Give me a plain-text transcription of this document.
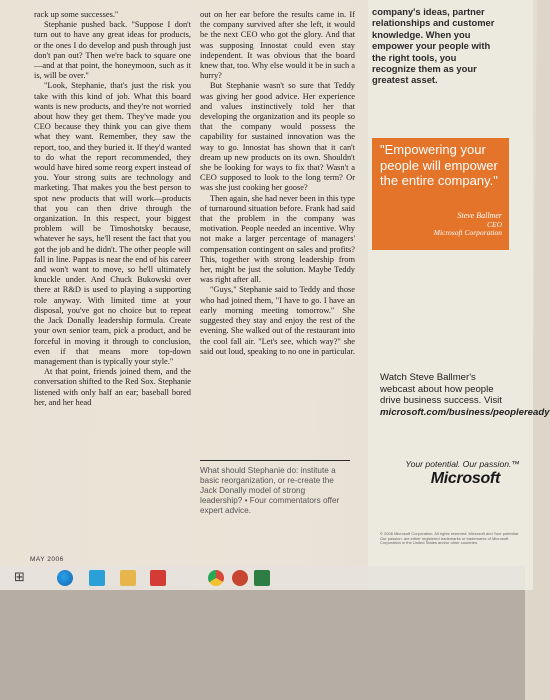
rack up some successes."

Stephanie pushed back. "Suppose I don't turn out to have any great ideas for products, or the ones I do develop and push through just don't pan out? Then we're back to square one—and at that point, the honeymoon, such as it is, will be over."

"Look, Stephanie, that's just the risk you take with this kind of job. What this board wants is new products, and they're not worried about how they get them. They've made you CEO because they think you can give them what they want. Remember, they saw the report, too, and they buried it. If they'd wanted to do what the report recommended, they would have hired some reorg expert instead of you. Your strong suits are technology and marketing. That makes you the best person to spot new products that will work—products that you can then drive through the organization. In this respect, your biggest problem will be Timoshotsky because, whatever he says, he'll resent the fact that you got the job and he didn't. The other people will fall in line. Pappas is near the end of his career and won't want to move, so he'll ultimately knuckle under. And Chuck Bukowski over there at R&D is used to playing a supporting role anyway. With limited time at your disposal, you've got no choice but to repeat the Jack Donally leadership formula. Create your own senior team, pick a product, and be forceful in moving it through to conclusion, even if that means more top-down management than is typically your style."

At that point, friends joined them, and the conversation shifted to the Red Sox. Stephanie listened with only half an ear; baseball bored her, and her head

out on her ear before the results came in. If the company survived after she left, it would be the next CEO who got the glory. And that was supposing Innostat could even stay independent. It was obvious that the board knew that, too. Why else would it be in such a hurry?

But Stephanie wasn't so sure that Teddy was giving her good advice. Her experience and values instinctively told her that developing the organization and its people so that the company would possess the capability for sustained innovation was the way to go. Innostat has shown that it can't dream up new products on its own. Shouldn't she be looking for ways to fix that? Wasn't a CEO supposed to look to the long term? Or was she just cooking her goose?

Then again, she had never been in this type of turnaround situation before. Frank had said that the problem in the company was motivation. People needed an incentive. Why not make a larger percentage of managers' compensation contingent on sales and profits? This, together with strong leadership from her, might be just the solution. Maybe Teddy was right after all.

"Guys," Stephanie said to Teddy and those who had joined them, "I have to go. I have an early morning meeting tomorrow." She suggested they stay and enjoy the rest of the evening. She walked out of the restaurant into the cool fall air. "Let's see, which way?" she said out loud, speaking to no one in particular.

What should Stephanie do: institute a basic reorganization, or re-create the Jack Donally model of strong leadership? • Four commentators offer expert advice.
MAY 2006

company's ideas, partner relationships and customer knowledge. When you empower your people with the right tools, you recognize them as your greatest asset.

"Empowering your people will empower the entire company."

Steve Ballmer
CEO
Microsoft Corporation

Watch Steve Ballmer's webcast about how people drive business success. Visit
microsoft.com/business/peopleready

Your potential. Our passion.™
Microsoft
© 2006 Microsoft Corporation. All rights reserved. Microsoft and Your potential. Our passion. are either registered trademarks or trademarks of Microsoft Corporation in the United States and/or other countries.
⊞
